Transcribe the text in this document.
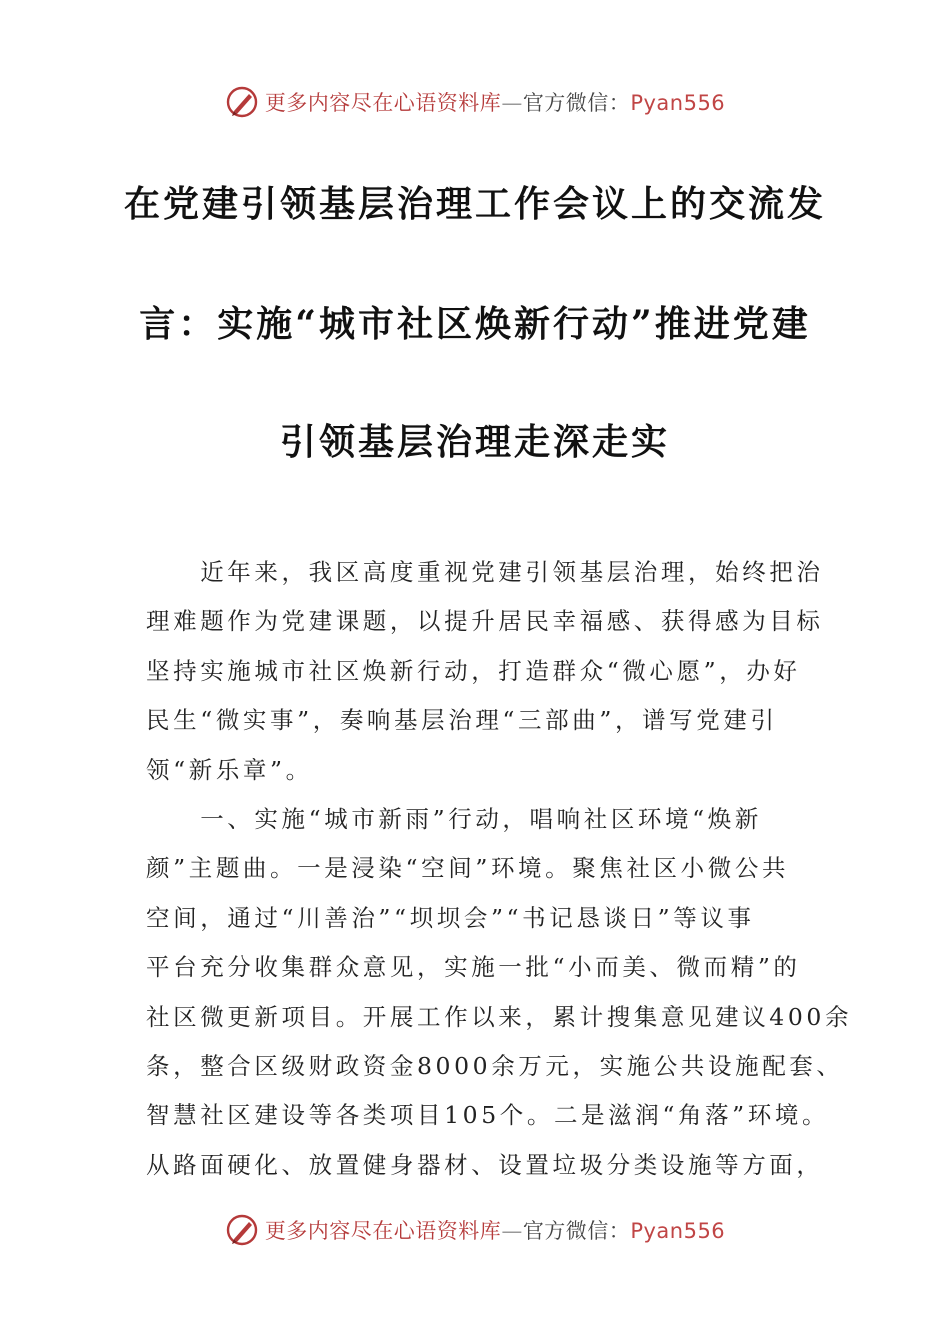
更多内容尽在心语资料库—官方微信：Pyan556
在党建引领基层治理工作会议上的交流发
言：实施“城市社区焕新行动”推进党建
引领基层治理走深走实
　　近年来，我区高度重视党建引领基层治理，始终把治
理难题作为党建课题，以提升居民幸福感、获得感为目标
坚持实施城市社区焕新行动，打造群众“微心愿”，办好
民生“微实事”，奏响基层治理“三部曲”，谱写党建引
领“新乐章”。
　　一、实施“城市新雨”行动，唱响社区环境“焕新
颜”主题曲。一是浸染“空间”环境。聚焦社区小微公共
空间，通过“川善治”“坝坝会”“书记恳谈日”等议事
平台充分收集群众意见，实施一批“小而美、微而精”的
社区微更新项目。开展工作以来，累计搜集意见建议400余
条，整合区级财政资金8000余万元，实施公共设施配套、
智慧社区建设等各类项目105个。二是滋润“角落”环境。
从路面硬化、放置健身器材、设置垃圾分类设施等方面，
更多内容尽在心语资料库—官方微信：Pyan556
